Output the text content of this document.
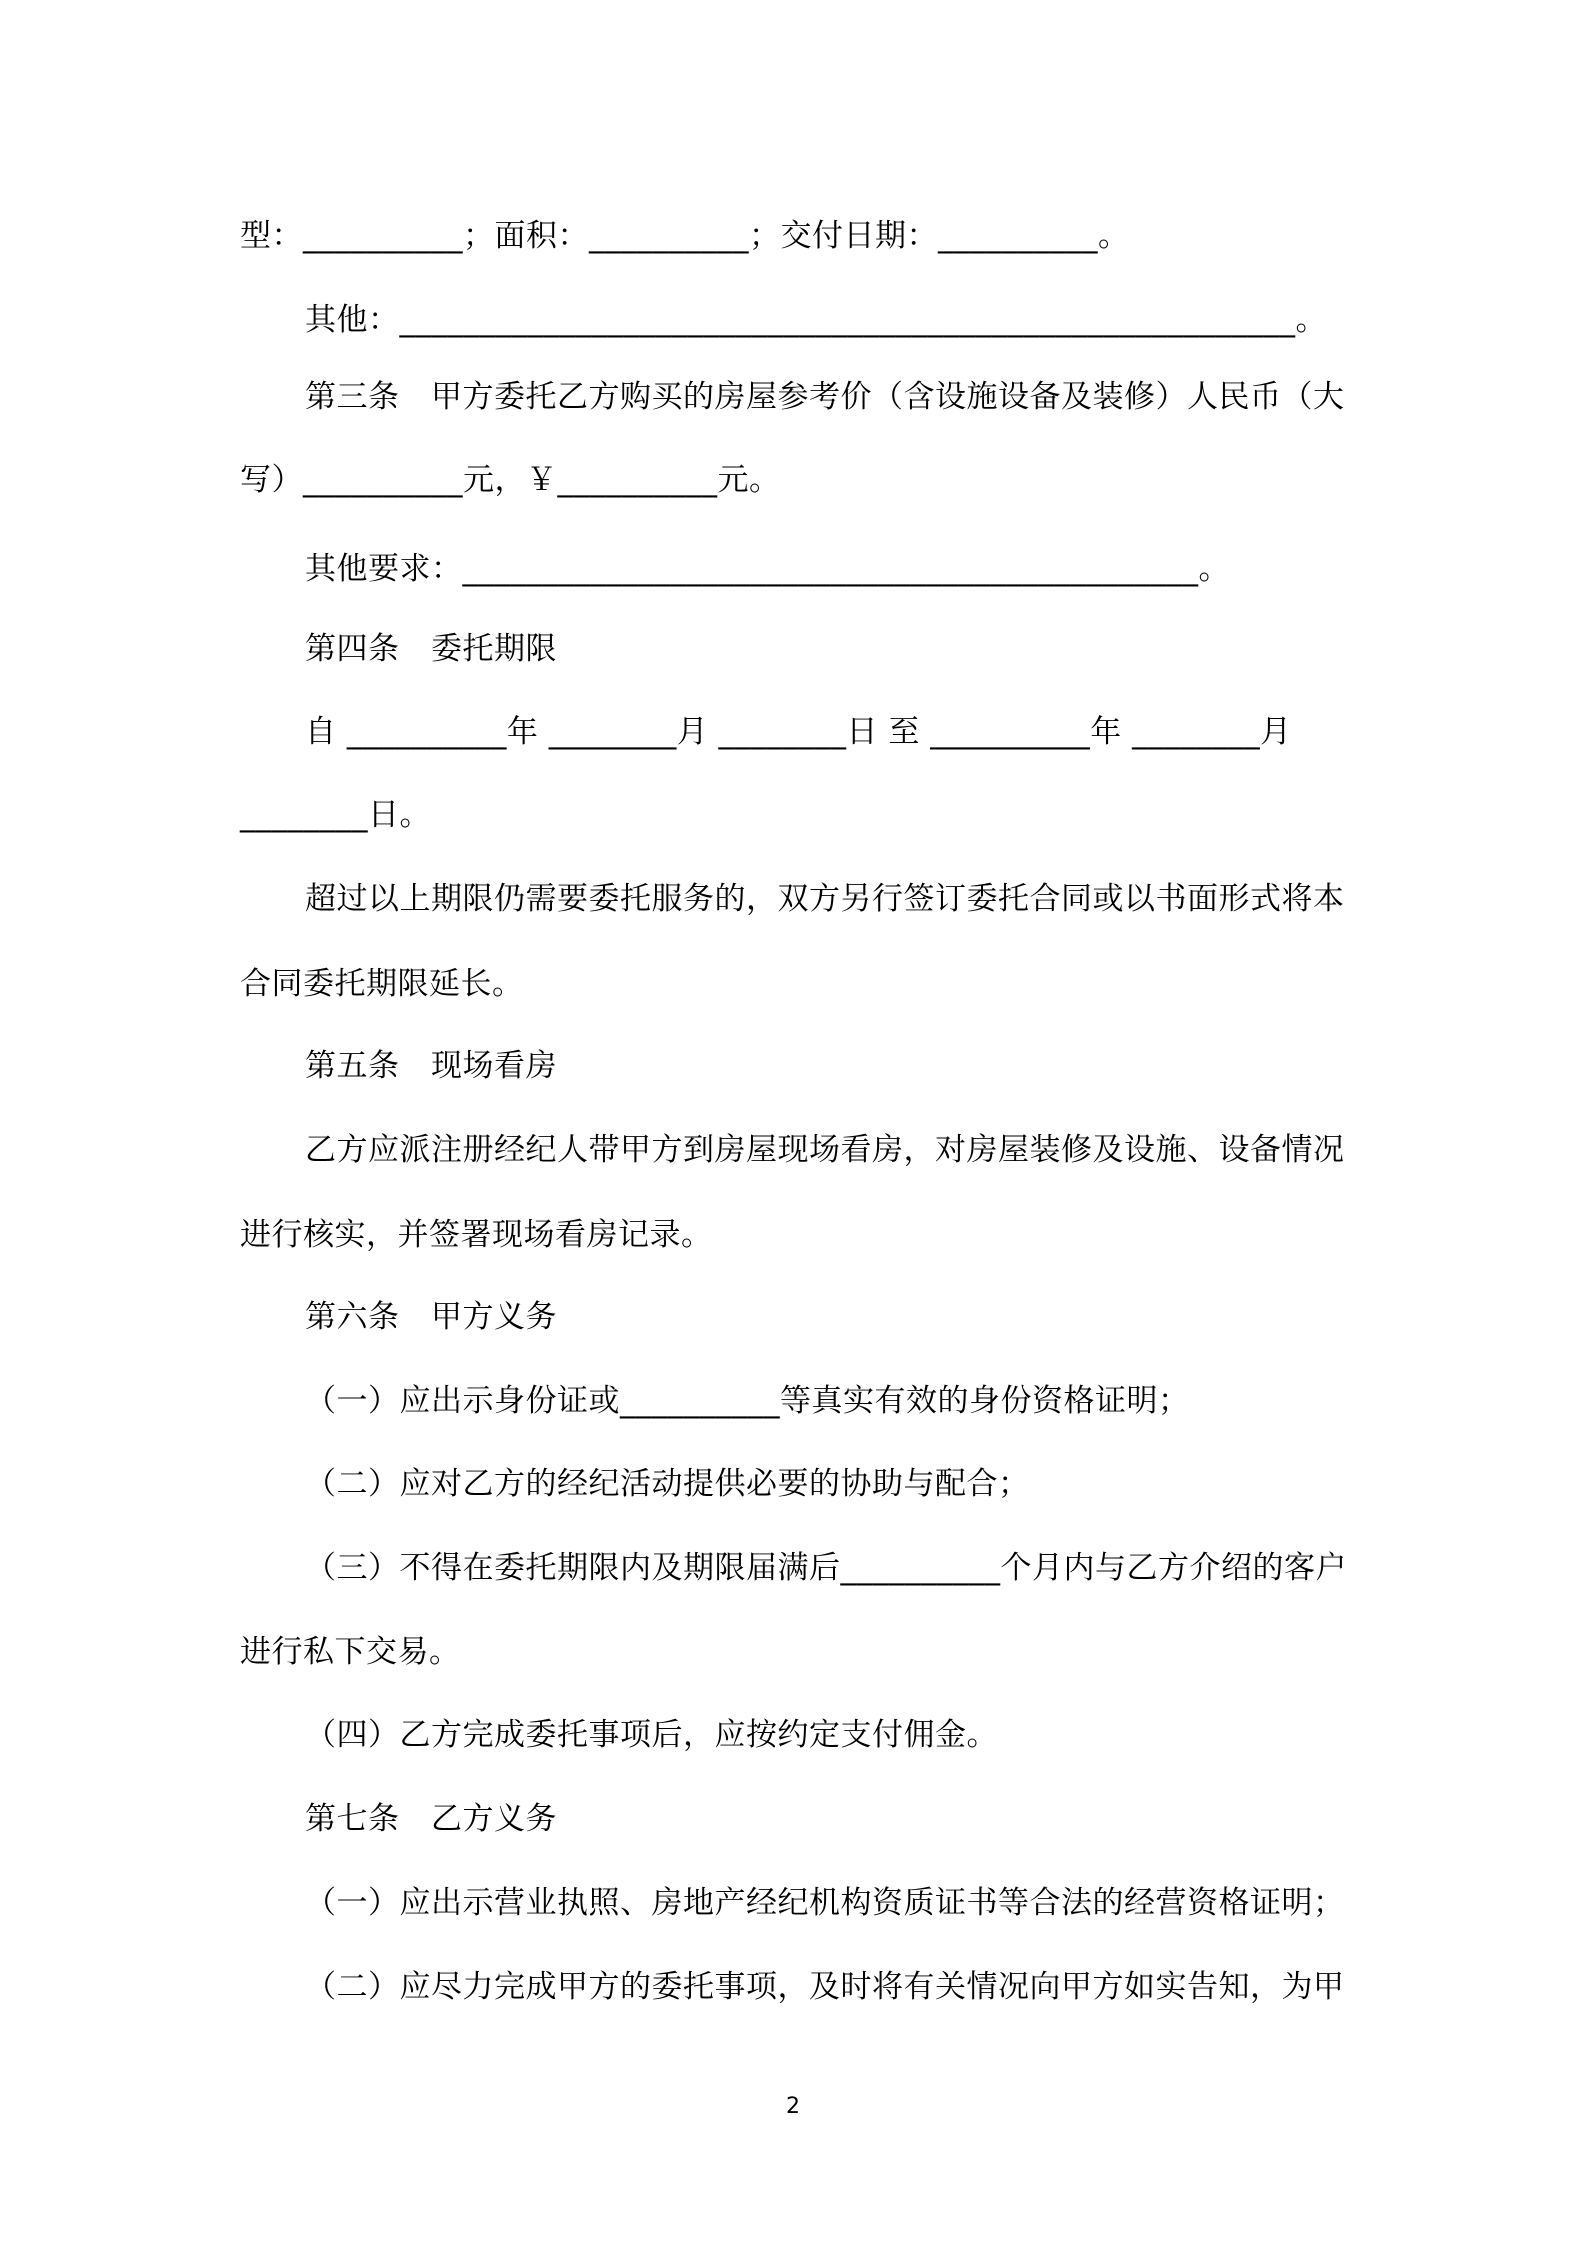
型：__________；面积：__________；交付日期：__________。
其他：________________________________________________________。
第三条　甲方委托乙方购买的房屋参考价（含设施设备及装修）人民币（大
写）__________元，￥__________元。
其他要求：______________________________________________。
第四条　委托期限
自 __________年 ________月 ________日 至 __________年 ________月
________日。
超过以上期限仍需要委托服务的，双方另行签订委托合同或以书面形式将本
合同委托期限延长。
第五条　现场看房
乙方应派注册经纪人带甲方到房屋现场看房，对房屋装修及设施、设备情况
进行核实，并签署现场看房记录。
第六条　甲方义务
（一）应出示身份证或__________等真实有效的身份资格证明；
（二）应对乙方的经纪活动提供必要的协助与配合；
（三）不得在委托期限内及期限届满后__________个月内与乙方介绍的客户
进行私下交易。
（四）乙方完成委托事项后，应按约定支付佣金。
第七条　乙方义务
（一）应出示营业执照、房地产经纪机构资质证书等合法的经营资格证明；
（二）应尽力完成甲方的委托事项，及时将有关情况向甲方如实告知，为甲
2
